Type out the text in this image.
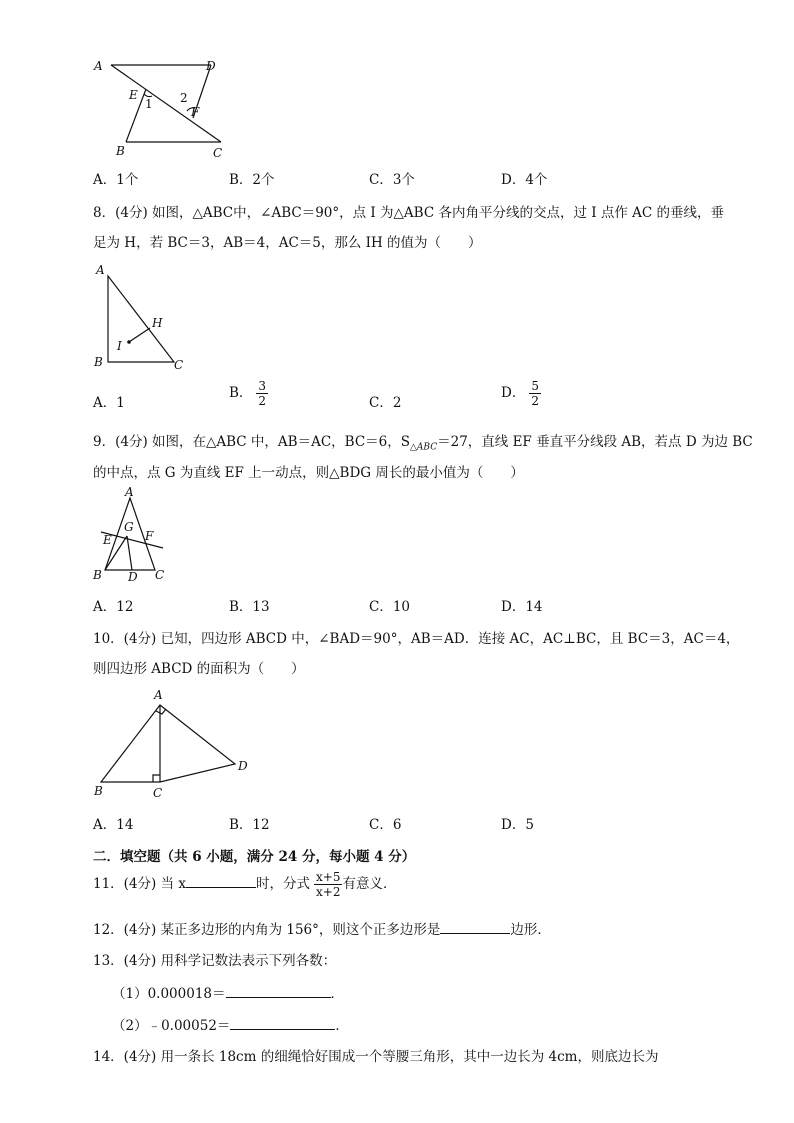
A	D
E
1 2
F
B	C
A．1个	B．2个	C．3个	D．4个
8．(4分) 如图，△ABC中，∠ABC＝90°，点 I 为△ABC 各内角平分线的交点，过 I 点作 AC 的垂线，垂
足为 H，若 BC＝3，AB＝4，AC＝5，那么 IH 的值为（　　）
A
H
I
B	C
A．1
B． $\frac{3}{2}$	C．2
D． $\frac{5}{2}$
9．(4分) 如图，在△ABC 中，AB＝AC，BC＝6，$S_{\triangle ABC}=27$，直线 EF 垂直平分线段 AB，若点 D 为边 BC
的中点，点 G 为直线 EF 上一动点，则△BDG 周长的最小值为（　　）
A
G
E	F
B D C
A．12	B．13	C．10	D．14
10．(4分) 已知，四边形 ABCD 中，∠BAD＝90°，AB＝AD．连接 AC，AC⊥BC，且 BC＝3，AC＝4，
则四边形 ABCD 的面积为（　　）
A
D
B	C
A．14	B．12	C．6	D．5
二．填空题（共 6 小题，满分 24 分，每小题 4 分）
11．(4分) 当 x	时，分式 $\frac{x+5}{x+2}$ 有意义．
12．(4分) 某正多边形的内角为 156°，则这个正多边形是	边形．
13．(4分) 用科学记数法表示下列各数：
（1）0.000018＝	．
（2）﹣0.00052＝	．
14．(4分) 用一条长 18cm 的细绳恰好围成一个等腰三角形，其中一边长为 4cm，则底边长为
